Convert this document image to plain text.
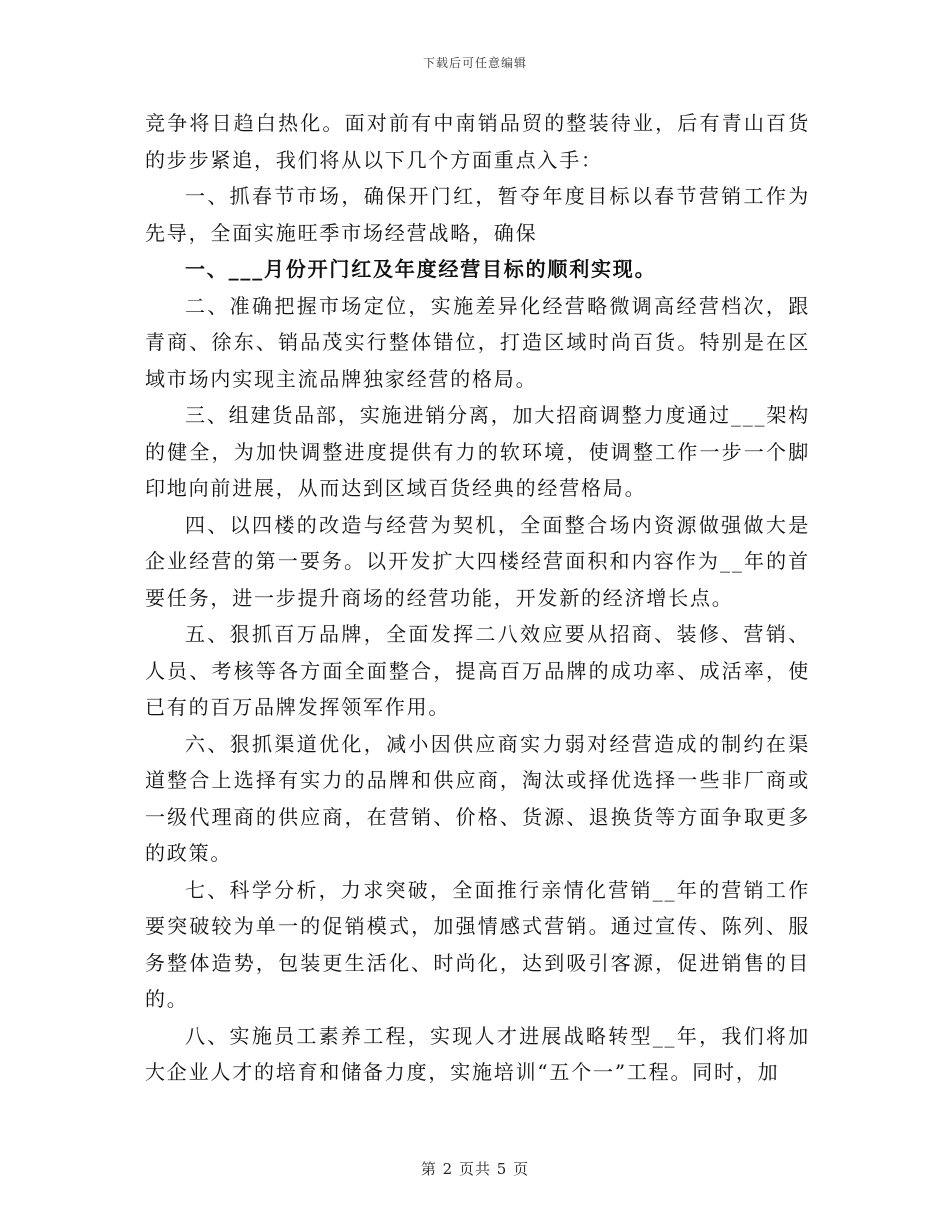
下载后可任意编辑

竞争将日趋白热化。面对前有中南销品贸的整装待业，后有青山百货的步步紧追，我们将从以下几个方面重点入手：

一、抓春节市场，确保开门红，暂夺年度目标以春节营销工作为先导，全面实施旺季市场经营战略，确保

一、___月份开门红及年度经营目标的顺利实现。

二、准确把握市场定位，实施差异化经营略微调高经营档次，跟青商、徐东、销品茂实行整体错位，打造区域时尚百货。特别是在区域市场内实现主流品牌独家经营的格局。

三、组建货品部，实施进销分离，加大招商调整力度通过___架构的健全，为加快调整进度提供有力的软环境，使调整工作一步一个脚印地向前进展，从而达到区域百货经典的经营格局。

四、以四楼的改造与经营为契机，全面整合场内资源做强做大是企业经营的第一要务。以开发扩大四楼经营面积和内容作为__年的首要任务，进一步提升商场的经营功能，开发新的经济增长点。

五、狠抓百万品牌，全面发挥二八效应要从招商、装修、营销、人员、考核等各方面全面整合，提高百万品牌的成功率、成活率，使已有的百万品牌发挥领军作用。

六、狠抓渠道优化，减小因供应商实力弱对经营造成的制约在渠道整合上选择有实力的品牌和供应商，淘汰或择优选择一些非厂商或一级代理商的供应商，在营销、价格、货源、退换货等方面争取更多的政策。

七、科学分析，力求突破，全面推行亲情化营销__年的营销工作要突破较为单一的促销模式，加强情感式营销。通过宣传、陈列、服务整体造势，包装更生活化、时尚化，达到吸引客源，促进销售的目的。

八、实施员工素养工程，实现人才进展战略转型__年，我们将加大企业人才的培育和储备力度，实施培训“五个一”工程。同时，加

第 2 页共 5 页
